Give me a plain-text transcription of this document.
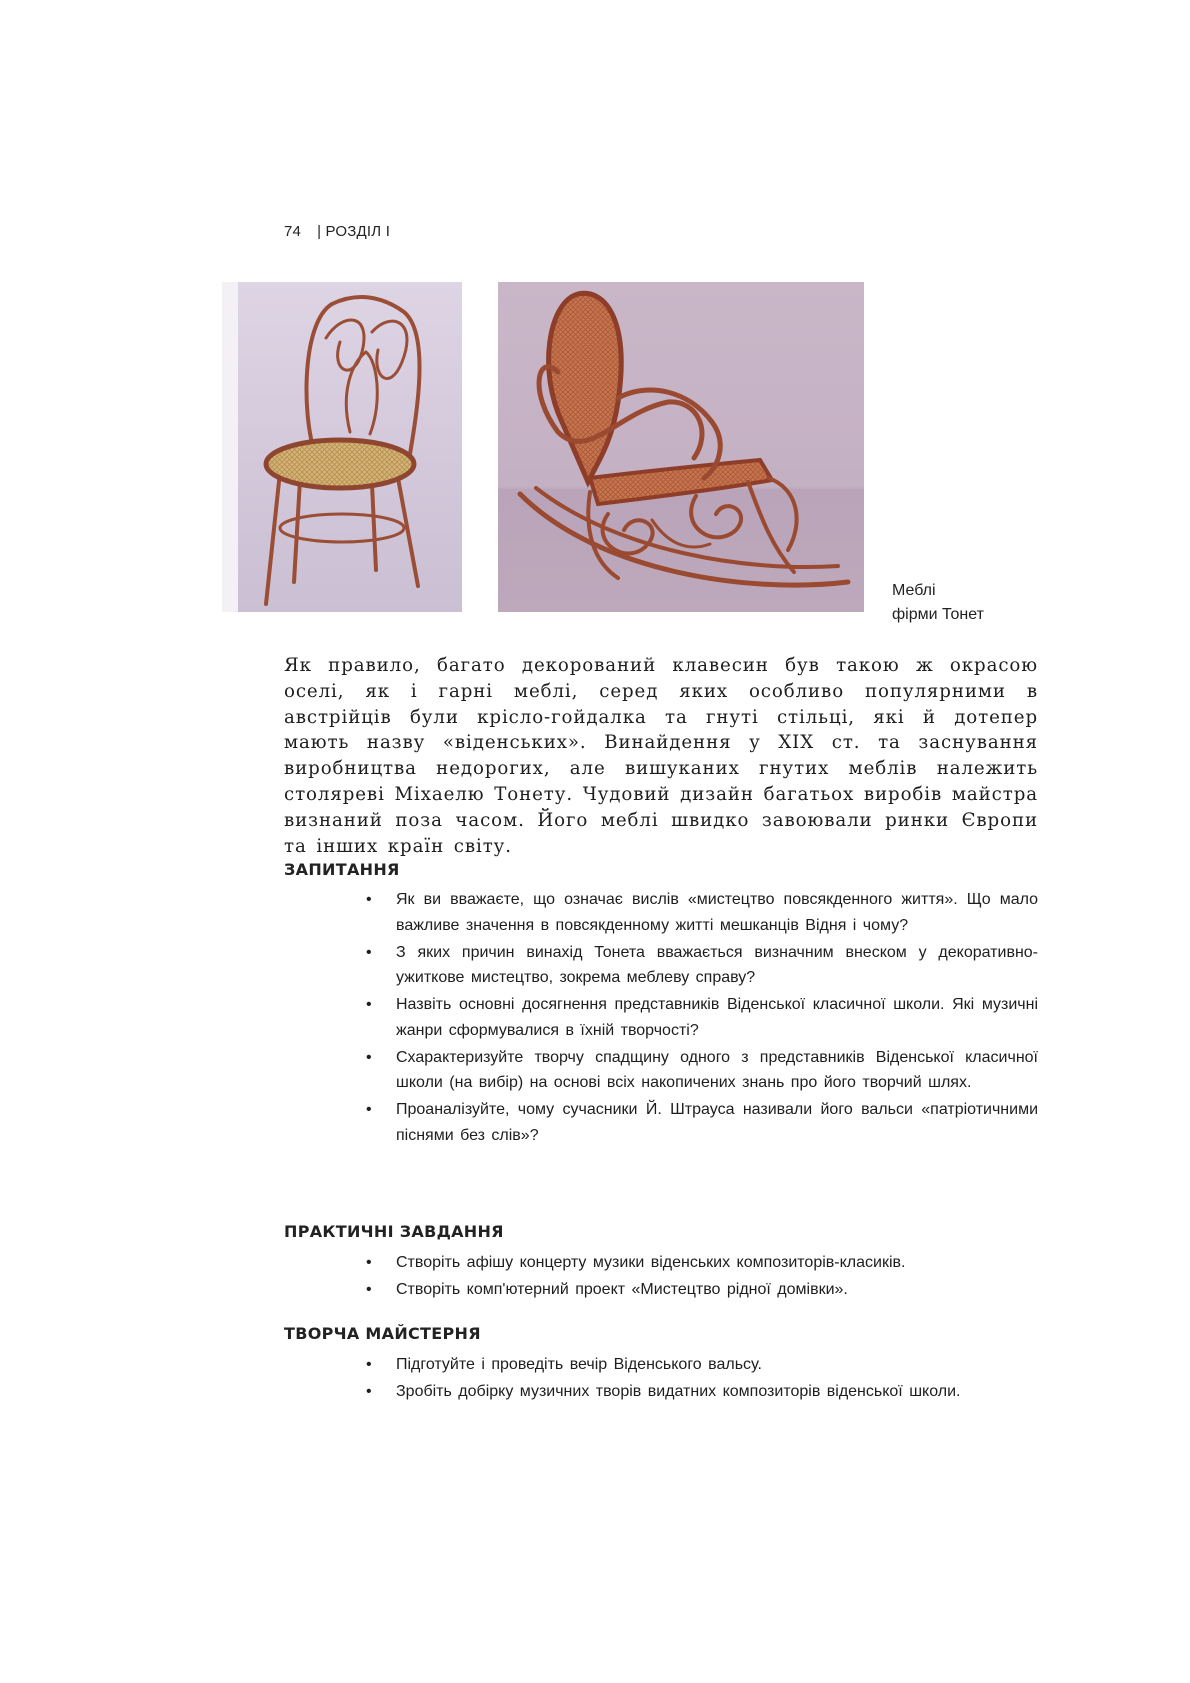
74 | РОЗДІЛ І
Меблі
фірми Тонет
Як правило, багато декорований клавесин був такою ж окрасою оселі, як і гарні меблі, серед яких особливо популярними в австрійців були крісло-гойдалка та гнуті стільці, які й дотепер мають назву «віденських». Винайдення у XIX ст. та заснування виробництва недорогих, але вишуканих гнутих меблів належить столяреві Міхаелю Тонету. Чудовий дизайн багатьох виробів майстра визнаний поза часом. Його меблі швидко завоювали ринки Європи та інших країн світу.
ЗАПИТАННЯ
• Як ви вважаєте, що означає вислів «мистецтво повсякденного життя». Що мало важливе значення в повсякденному житті мешканців Відня і чому?
• З яких причин винахід Тонета вважається визначним внеском у декоративно-ужиткове мистецтво, зокрема меблеву справу?
• Назвіть основні досягнення представників Віденської класичної школи. Які музичні жанри сформувалися в їхній творчості?
• Схарактеризуйте творчу спадщину одного з представників Віденської класичної школи (на вибір) на основі всіх накопичених знань про його творчий шлях.
• Проаналізуйте, чому сучасники Й. Штрауса називали його вальси «патріотичними піснями без слів»?
ПРАКТИЧНІ ЗАВДАННЯ
• Створіть афішу концерту музики віденських композиторів-класиків.
• Створіть комп'ютерний проект «Мистецтво рідної домівки».
ТВОРЧА МАЙСТЕРНЯ
• Підготуйте і проведіть вечір Віденського вальсу.
• Зробіть добірку музичних творів видатних композиторів віденської школи.
